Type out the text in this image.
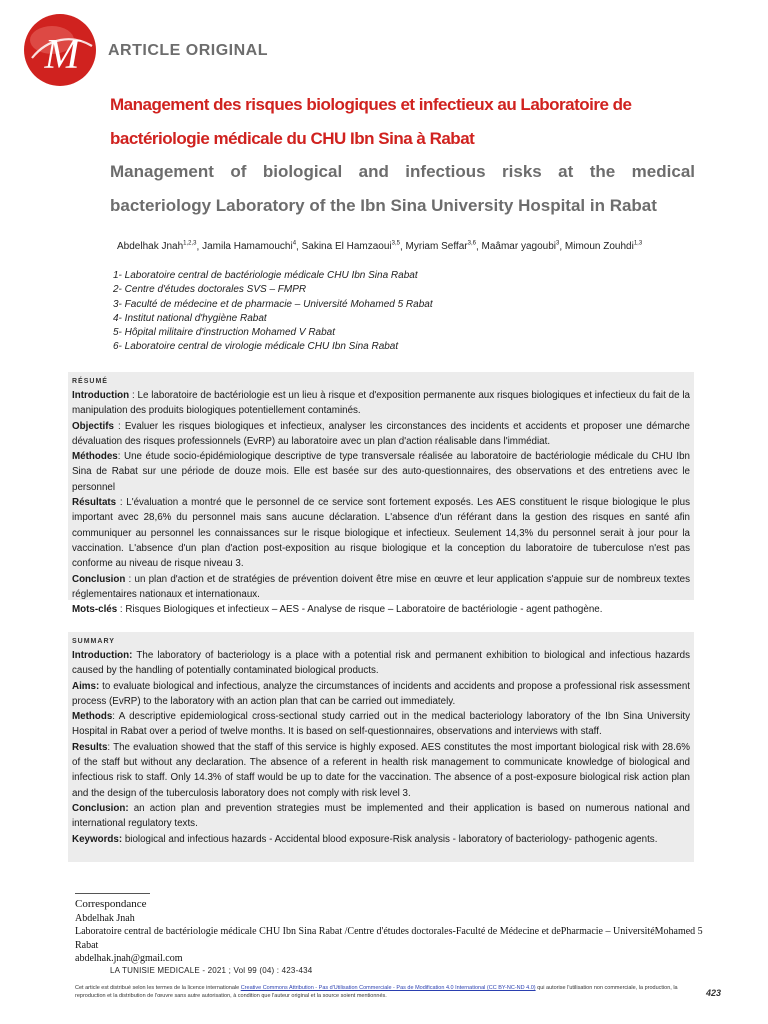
M ARTICLE ORIGINAL
Management des risques biologiques et infectieux au Laboratoire de bactériologie médicale du CHU Ibn Sina à Rabat
Management of biological and infectious risks at the medical bacteriology Laboratory of the Ibn Sina University Hospital in Rabat
Abdelhak Jnah$^{1,2,3}$, Jamila Hamamouchi$^4$, Sakina El Hamzaoui$^{3,5}$, Myriam Seffar$^{3,6}$, Maâmar yagoubi$^3$, Mimoun Zouhdi$^{1,3}$
1- Laboratoire central de bactériologie médicale CHU Ibn Sina Rabat
2- Centre d'études doctorales SVS – FMPR
3- Faculté de médecine et de pharmacie – Université Mohamed 5 Rabat
4- Institut national d'hygiène Rabat
5- Hôpital militaire d'instruction Mohamed V Rabat
6- Laboratoire central de virologie médicale CHU Ibn Sina Rabat

RÉSUMÉ

Introduction : Le laboratoire de bactériologie est un lieu à risque et d'exposition permanente aux risques biologiques et infectieux du fait de la manipulation des produits biologiques potentiellement contaminés.

Objectifs : Evaluer les risques biologiques et infectieux, analyser les circonstances des incidents et accidents et proposer une démarche dévaluation des risques professionnels (EvRP) au laboratoire avec un plan d'action réalisable dans l'immédiat.

Méthodes: Une étude socio-épidémiologique descriptive de type transversale réalisée au laboratoire de bactériologie médicale du CHU Ibn Sina de Rabat sur une période de douze mois. Elle est basée sur des auto-questionnaires, des observations et des entretiens avec le personnel

Résultats : L'évaluation a montré que le personnel de ce service sont fortement exposés. Les AES constituent le risque biologique le plus important avec 28,6% du personnel mais sans aucune déclaration. L'absence d'un référant dans la gestion des risques en santé afin communiquer au personnel les connaissances sur le risque biologique et infectieux. Seulement 14,3% du personnel serait à jour pour la vaccination. L'absence d'un plan d'action post-exposition au risque biologique et la conception du laboratoire de tuberculose n'est pas conforme au niveau de risque niveau 3.

Conclusion : un plan d'action et de stratégies de prévention doivent être mise en œuvre et leur application s'appuie sur de nombreux textes réglementaires nationaux et internationaux.

Mots-clés : Risques Biologiques et infectieux – AES - Analyse de risque – Laboratoire de bactériologie - agent pathogène.

SUMMARY

Introduction: The laboratory of bacteriology is a place with a potential risk and permanent exhibition to biological and infectious hazards caused by the handling of potentially contaminated biological products.

Aims: to evaluate biological and infectious, analyze the circumstances of incidents and accidents and propose a professional risk assessment process (EvRP) to the laboratory with an action plan that can be carried out immediately.

Methods: A descriptive epidemiological cross-sectional study carried out in the medical bacteriology laboratory of the Ibn Sina University Hospital in Rabat over a period of twelve months. It is based on self-questionnaires, observations and interviews with staff.

Results: The evaluation showed that the staff of this service is highly exposed. AES constitutes the most important biological risk with 28.6% of the staff but without any declaration. The absence of a referent in health risk management to communicate knowledge of biological and infectious risk to staff. Only 14.3% of staff would be up to date for the vaccination. The absence of a post-exposure biological risk action plan and the design of the tuberculosis laboratory does not comply with risk level 3.

Conclusion: an action plan and prevention strategies must be implemented and their application is based on numerous national and international regulatory texts.

Keywords: biological and infectious hazards - Accidental blood exposure-Risk analysis - laboratory of bacteriology- pathogenic agents.

Correspondance
Abdelhak Jnah
Laboratoire central de bactériologie médicale CHU Ibn Sina Rabat /Centre d'études doctorales-Faculté de Médecine et dePharmacie – UniversitéMohamed 5 Rabat
abdelhak.jnah@gmail.com
LA TUNISIE MEDICALE - 2021 ; Vol 99 (04) : 423-434
Cet article est distribué selon les termes de la licence internationale Creative Commons Attribution - Pas d'Utilisation Commerciale - Pas de Modification 4.0 International (CC BY-NC-ND 4.0) qui autorise l'utilisation non commerciale, la production, la reproduction et la distribution de l'œuvre sans autre autorisation, à condition que l'auteur original et la source soient mentionnés.	423
